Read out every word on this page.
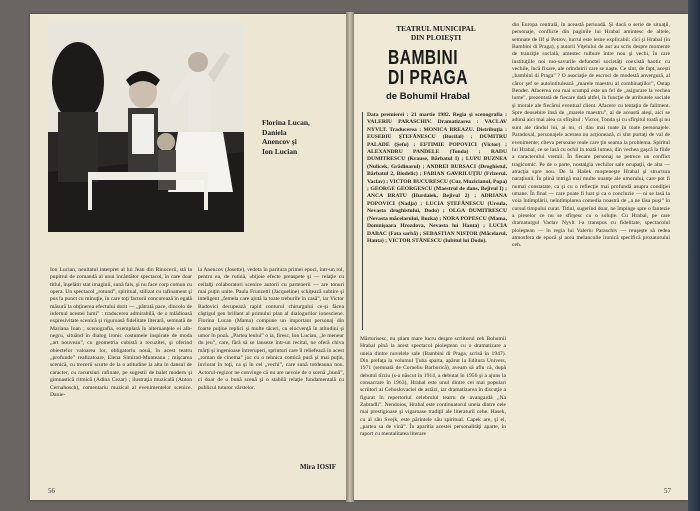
Florina Lucan,
Daniela
Anencov şi
Ion Lucian

Ion Lucian, neuitatul interpret al lui Jean din Rinocerii, stă la pupitrul de comandă al unui încântător spectacol, în care doar titlul, înşelătir stat imaginii, sună fals, şi nu face corp comun cu opera. Un spectacol „rotund”, spiritual, stilizat cu rafinament şi pus la punct cu minuţie, în care toţi factorii concurează în egală măsură la obţinerea efectului dorit — „pătrată pace, dincolo de infernul acestei lumi” : traducerea admirabilă, de o mlădioasă expresivitate scenică şi riguroasă fidelitate literară, semnată de Mariana Ioan ; scenografia, exemplară în alternanţele ei alb-negru, situând în dialog ironic costumele inspirate de moda „art nouveau”, cu geometria cubistă a recuzitei, şi oferind obiectelor valoarea lor, obligatoriu nouă, în acest teatru „profunde” realizatoare, Elena Simirad-Munteanu ; mişcarea scenică, cu trecerii scurte de la o atitudine la alta în dansul de caracter, cu racursiuri rafinate, pe sugestii de balet modern şi gimnastică ritmică (Adina Cezar) ; ilustraţia muzicală (Anton Cernahosch), comentariu muzical al evenimentelor scenice. Danie-

la Anencov (Josette), vedeta în paritura primei epoci, într-un rol, pentru ea, de rutină, «bijoie efecte preaspete şi — relaţie cu ceilalţi colaboratori scenice autorii cu partenerii — are tonuri mai puţin unite. Paula Frunzetti (Jacqueline) schiţează subtire şi inteligent „femela care ajută la toate treburile în casă”, iar Victor Radovici decupează rapid conturul chirurgului ce-şi făcea câştigul gen brillant al primului plan al dialogurilor ionesciene. Florina Lucan (Mama) compune un important personaj din foarte puţine replici şi multe tăceri, cu elocvenţă în atitudini şi umor în poză. „Partea leului” o ia, firesc, Ion Lucian, „le meneur du jeu”, care, fără să se lanseze într-un recital, ne oferă chiva mărţi şi ingenioase întreruperi, sprinturi care îl reliefează în acest „roman de cinema” joc cu o tehnica comică pură şi mai puţin, înviorat în toţi, ca şi în cel „vechi”, care sună totdeauna nou. Actorul-regizor ne convinge că nu are nevoie de o scenă „bună”, ci doar de o bună scenă şi o stabilă relaţie fundamentală cu publicul tuturor vârstelor.

Mira IOSIF
56	57
TEATRUL MUNICIPAL
DIN PLOIEŞTI
BAMBINI
DI PRAGA
de Bohumil Hrabal
Data premierei : 21 martie 1982. Regia şi scenografia : VALERIU PARASCHIV. Dramatizarea : VACLAV NYVLT. Traducerea : MONICA BREAZU. Distribuţia : EUSEBIU ŞTEFĂNESCU (Bucifal) ; DUMITRU PALADE (Şefu) ; EFTIMIE POPOVICI (Victor) ; ALEXANDRU PANDELE (Tonda) ; RADU DUMITRESCU (Krause, Bărbatul I) ; LUPU BUZNEA (Nulicek, Grădinarul) ; ANDREI BURSACI (Droghistul, Bărbatul 2, Biodelic) ; FABIAN GAVRILUŢIU (Frizerul, Vaclav) ; VICTOR BUCURESCU (Cur, Muzicianul, Popa) ; GEORGE GEORGESCU (Maestrul de dans, Bejivul I) ; ANCA BRATU (Hurdalek, Bejivul 2) ; ADRIANA POPOVICI (Nadja) ; LUCIA ŞTEFĂNESCU (Ursula, Nevasta droghistului, Dodo) ; OLGA DUMITRESCU (Nevasta măcelarului, Bozka) ; NORA POPESCU (Mama, Domnişoara Hrozdova, Nevasta lui Hanta) ; LUCIA DABAC (Fata sarbă) ; SEBASTIAN NISTOR (Măcelarul, Hanta) ; VICTOR STĂNESCU (Iubitul lui Dodo).

Mărturisesc, nu ştiam mare lucru despre scriitorul ceh Bohumil Hrabal pînă la acest spectacol ploieştean cu o dramatizare a uneia dintre nuvelele sale (Bambini di Praga, scrisă în 1947). Din prefaţa la volumul Ţuba sparta, apărut la Editura Univers, 1971 (semnată de Corneliu Barborică), aveam să aflu că, după debutul tîrziu (s-a născut în 1914, a debutat în 1956 şi a ajuns la consacrare în 1963), Hrabal este unul dintre cei mai populari scriitori ai Cehoslovaciei de astăzi, iar dramatizarea în discuţie a figurat în repertoriul celebrului teatru de avangardă „Na Zabradli”. Nendoios, Hrabal este continuatorul uneia dintre cele mai prestigioase şi vigaroase tradiţii ale literaturii cehe. Hasek, cu al său Svejk, este părintele său spiritual. Capek are, şi el, „partea sa de vină”. În aparitia acestei personalităţi aparte, în raport cu mentalitatea literare

din Europa centrală, în această perioadă. Şi dacă o serie de situaţii, personaje, conflicte din paginile lui Hrabal amintesc de altele, semnate de Ilf şi Petrov, lucrul este lesne explicabil: cîci şi Hrabal (în Bambini di Praga), ş autorii Viţelului de aur au scris despre momente de tranziţie socială, amestec tulbure între nou şi vechi, în care instituţiile noi mo-savurile defunctei societăţi coexistă haotic cu vechile, încă fixare, ale orînduirii care se naşte. Ce sînt, de fapt, acești „bambini di Praga” ? O asociaţie de escroci de modestă anvergură, al căror şef se autointitulează „marele maestru al combinaţiilor”, Ostap Bender. Afacerea cea mai scumpă este un fel de „asigurare la vechea lume”, prezentată de fiecare dată altfel, în funcţie de atributele sociale şi morale ale fiecărui eventual client. Afacere cu tentaţia de faliment. Spre deosebire însă de „marele maestru”, ai de această aleşi, aici se adună aici mai alea ca sfîrşitul : Victor, Tonda şi cu sfîrşitul toată şi nu sunt ale rândul lui, ai nu, ci dau mai toate în toate personajele. Paradoxal, personajele acestea nu acţionează, ci sînt purtaţi de val de evenimente; cîteva persoane reale care ţin seama la problema. Spiritul lui Hrabal, ce se lasă cu ochii în toată lumea, din vechea gaşcă la filde a caracterului vremii. În fiecare personaj se petrece un conflict tragicomic. Pe de o parte, nostalgia vechilor sale ocupaţii, de alta — atracţia spre nou. De la Hašek moşteneşte Hrabal şi structura naraţiunii. În plină intrigă mai multe nuanţe ale umorului, care pot fi numai constatate, ca şi cu o reflecţie mai profundă asupra condiţiei umane. În final — care poate fi luat şi ca o concluzie — ni se lasă la voia întîmplării, neîntîmplarea comedia noastră de „a ne lăsa puşi” în cursul timpului curat. Titlul, sugerînd doar, ne împinge spre o fantezie a pieselor ce nu se sfîrşesc cu o soluţie. Cu Hrabal, pe care dramaturgul Vaclav Nyvlt l-a transpus cu fidelitate, spectacolul ploieştean — în regia lui Valeriu Paraschiv — reuşeşte să redea atmosfera de epocă şi acea melancolie ironică specifică prozatorului ceh.
